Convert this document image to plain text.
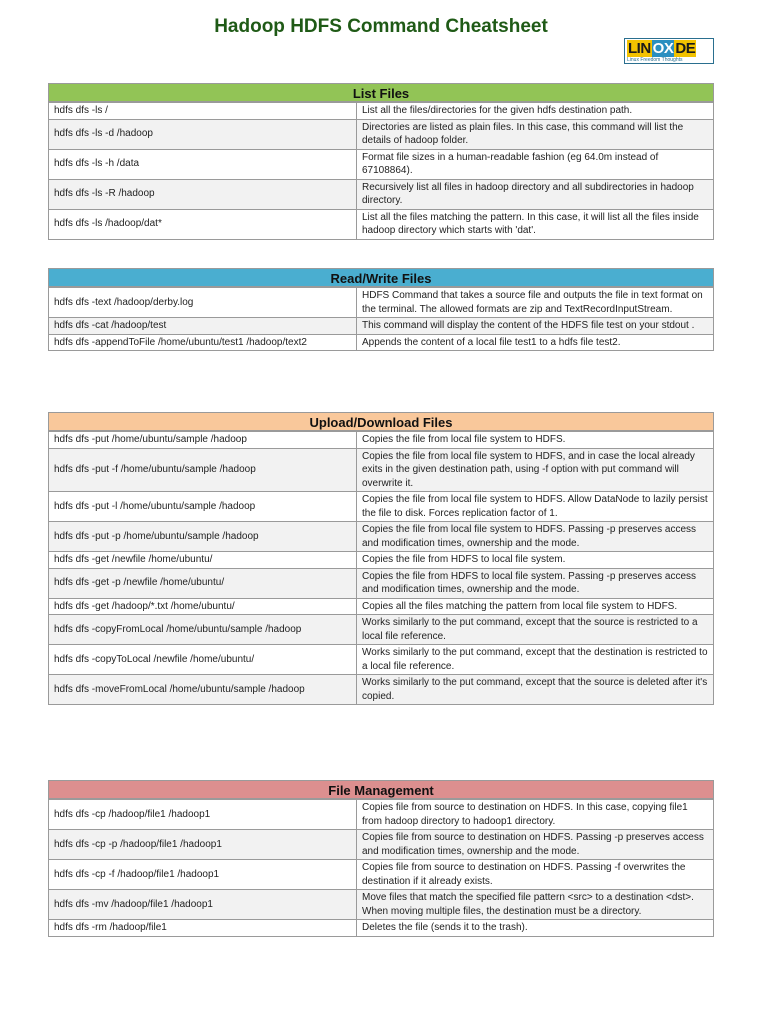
Hadoop HDFS Command Cheatsheet
LIN OX DE
Linux Freedom Thoughts
List Files
hdfs dfs -ls /	List all the files/directories for the given hdfs destination path.
hdfs dfs -ls -d /hadoop	Directories are listed as plain files. In this case, this command will list the details of hadoop folder.
hdfs dfs -ls -h /data	Format file sizes in a human-readable fashion (eg 64.0m instead of 67108864).
hdfs dfs -ls -R /hadoop	Recursively list all files in hadoop directory and all subdirectories in hadoop directory.
hdfs dfs -ls /hadoop/dat*	List all the files matching the pattern. In this case, it will list all the files inside hadoop directory which starts with 'dat'.
Read/Write Files
hdfs dfs -text /hadoop/derby.log	HDFS Command that takes a source file and outputs the file in text format on the terminal. The allowed formats are zip and TextRecordInputStream.
hdfs dfs -cat /hadoop/test	This command will display the content of the HDFS file test on your stdout .
hdfs dfs -appendToFile /home/ubuntu/test1 /hadoop/text2	Appends the content of a local file test1 to a hdfs file test2.
Upload/Download Files
hdfs dfs -put /home/ubuntu/sample /hadoop	Copies the file from local file system to HDFS.
hdfs dfs -put -f /home/ubuntu/sample /hadoop	Copies the file from local file system to HDFS, and in case the local already exits in the given destination path, using -f option with put command will overwrite it.
hdfs dfs -put -l /home/ubuntu/sample /hadoop	Copies the file from local file system to HDFS. Allow DataNode to lazily persist the file to disk. Forces replication factor of 1.
hdfs dfs -put -p /home/ubuntu/sample /hadoop	Copies the file from local file system to HDFS. Passing -p preserves access and modification times, ownership and the mode.
hdfs dfs -get /newfile /home/ubuntu/	Copies the file from HDFS to local file system.
hdfs dfs -get -p /newfile /home/ubuntu/	Copies the file from HDFS to local file system. Passing -p preserves access and modification times, ownership and the mode.
hdfs dfs -get /hadoop/*.txt /home/ubuntu/	Copies all the files matching the pattern from local file system to HDFS.
hdfs dfs -copyFromLocal /home/ubuntu/sample /hadoop	Works similarly to the put command, except that the source is restricted to a local file reference.
hdfs dfs -copyToLocal /newfile /home/ubuntu/	Works similarly to the put command, except that the destination is restricted to a local file reference.
hdfs dfs -moveFromLocal /home/ubuntu/sample /hadoop	Works similarly to the put command, except that the source is deleted after it's copied.
File Management
hdfs dfs -cp /hadoop/file1 /hadoop1	Copies file from source to destination on HDFS. In this case, copying file1 from hadoop directory to hadoop1 directory.
hdfs dfs -cp -p /hadoop/file1 /hadoop1	Copies file from source to destination on HDFS. Passing -p preserves access and modification times, ownership and the mode.
hdfs dfs -cp -f /hadoop/file1 /hadoop1	Copies file from source to destination on HDFS. Passing -f overwrites the destination if it already exists.
hdfs dfs -mv /hadoop/file1 /hadoop1	Move files that match the specified file pattern <src> to a destination <dst>. When moving multiple files, the destination must be a directory.
hdfs dfs -rm /hadoop/file1	Deletes the file (sends it to the trash).
